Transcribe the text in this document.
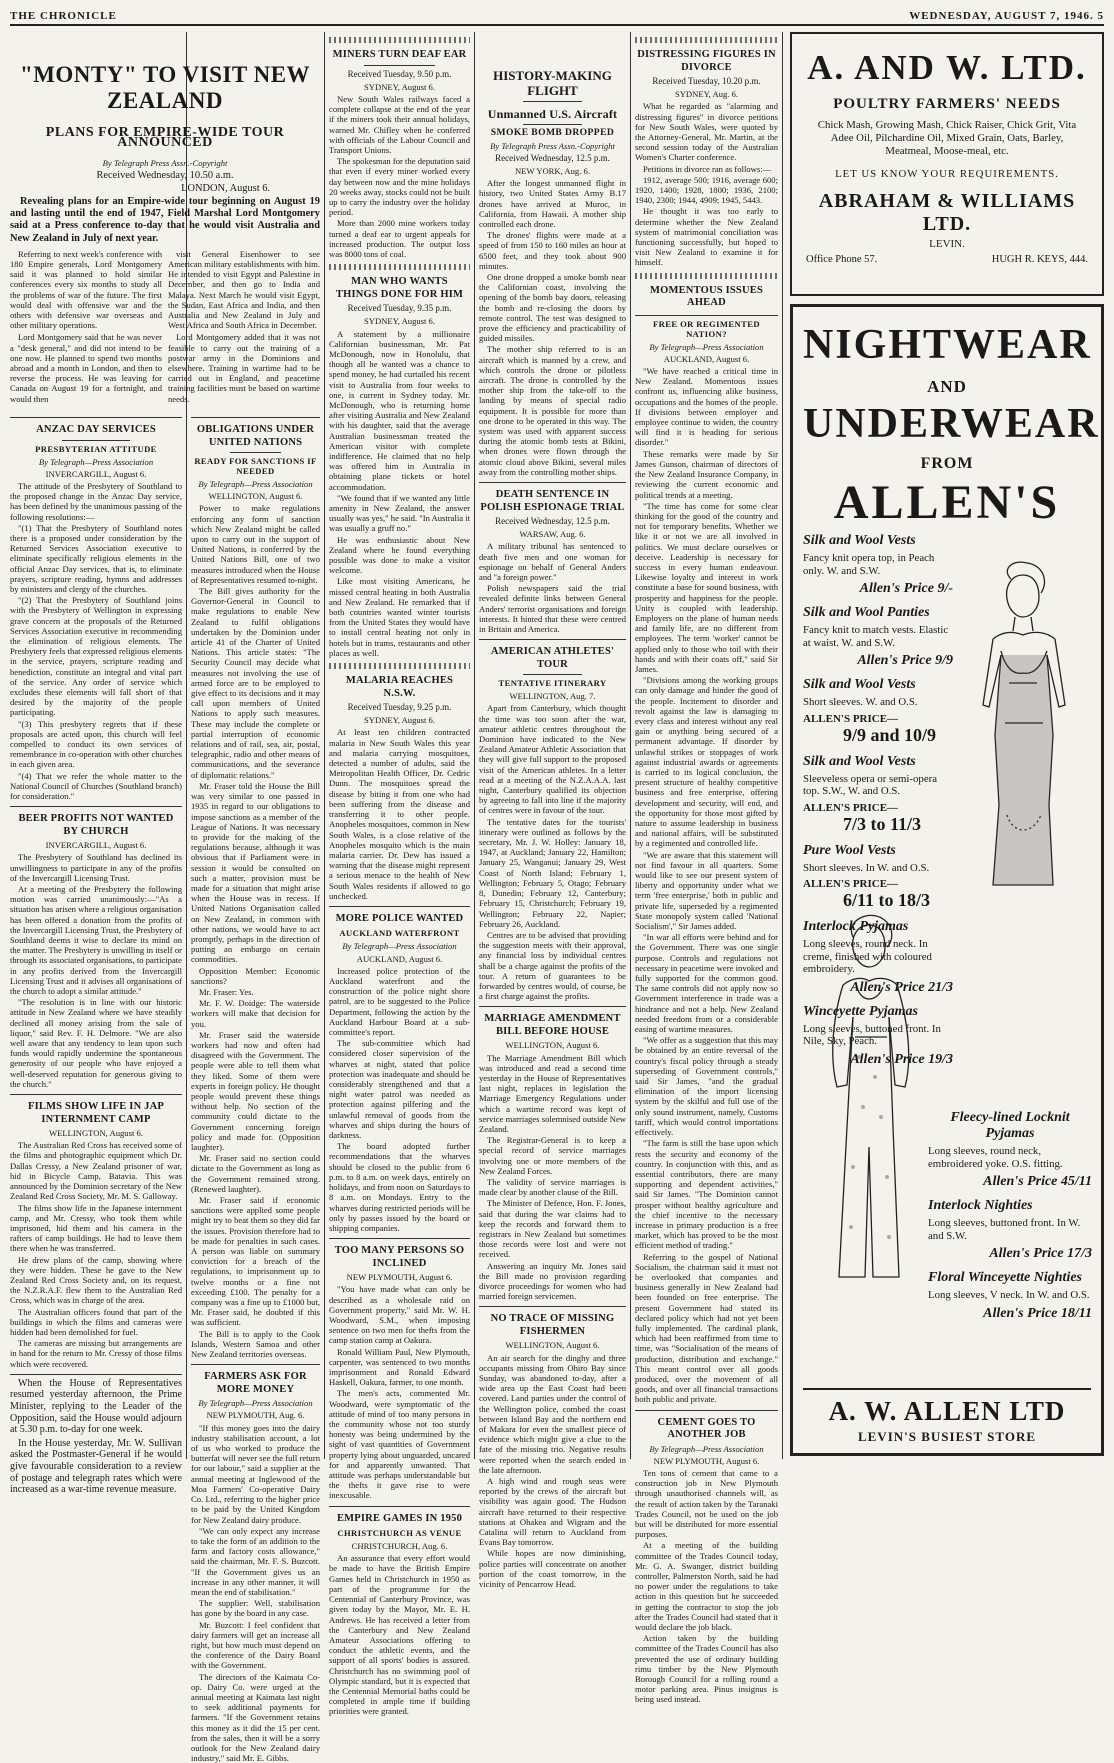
THE CHRONICLE	WEDNESDAY, AUGUST 7, 1946. 5
"MONTY" TO VISIT NEW ZEALAND
PLANS FOR EMPIRE-WIDE TOUR ANNOUNCED
By Telegraph Press Assn.-Copyright
Received Wednesday, 10.50 a.m.
LONDON, August 6.

Revealing plans for an Empire-wide tour beginning on August 19 and lasting until the end of 1947, Field Marshal Lord Montgomery said at a Press conference to-day that he would visit Australia and New Zealand in July of next year.

Referring to next week's conference with 180 Empire generals, Lord Montgomery said it was planned to hold similar conferences every six months to study all the problems of war of the future. The first would deal with offensive war and the others with defensive war overseas and other military operations.

Lord Montgomery said that he was never a "desk general," and did not intend to be one now. He planned to spend two months abroad and a month in London, and then to reverse the process. He was leaving for Canada on August 19 for a fortnight, and would then

visit General Eisenhower to see American military establishments with him. He intended to visit Egypt and Palestine in December, and then go to India and Malaya. Next March he would visit Egypt, the Sudan, East Africa and India, and then Australia and New Zealand in July and West Africa and South Africa in December.

Lord Montgomery added that it was not feasible to carry out the training of a postwar army in the Dominions and elsewhere. Training in wartime had to be carried out in England, and peacetime training facilities must be based on wartime needs.

ANZAC DAY SERVICES
PRESBYTERIAN ATTITUDE
By Telegraph—Press Association
INVERCARGILL, August 6.

The attitude of the Presbytery of Southland to the proposed change in the Anzac Day service, has been defined by the unanimous passing of the following resolutions:—

"(1) That the Presbytery of Southland notes there is a proposed under consideration by the Returned Services Association executive to eliminate specifically religious elements in the official Anzac Day services, that is, to eliminate prayers, scripture reading, hymns and addresses by ministers and clergy of the churches.

"(2) That the Presbytery of Southland joins with the Presbytery of Wellington in expressing grave concern at the proposals of the Returned Services Association executive in recommending the elimination of religious elements. The Presbytery feels that expressed religious elements in the service, prayers, scripture reading and benediction, constitute an integral and vital part of the service. Any order of service which excludes these elements will fall short of that desired by the majority of the people participating.

"(3) This presbytery regrets that if these proposals are acted upon, this church will feel compelled to conduct its own services of remembrance in co-operation with other churches in each given area.

"(4) That we refer the whole matter to the National Council of Churches (Southland branch) for consideration."

BEER PROFITS NOT WANTED BY CHURCH
INVERCARGILL, August 6.

The Presbytery of Southland has declined its unwillingness to participate in any of the profits of the Invercargill Licensing Trust.

At a meeting of the Presbytery the following motion was carried unanimously:—"As a situation has arisen where a religious organisation has been offered a donation from the profits of the Invercargill Licensing Trust, the Presbytery of Southland deems it wise to declare its mind on the matter. The Presbytery is unwilling in itself or through its associated organisations, to participate in any profits derived from the Invercargill Licensing Trust and it advises all organisations of the church to adopt a similar attitude."

"The resolution is in line with our historic attitude in New Zealand where we have steadily declined all money arising from the sale of liquor," said Rev. F. H. Delmore. "We are also well aware that any tendency to lean upon such funds would rapidly undermine the spontaneous generosity of our people who have enjoyed a well-deserved reputation for generous giving to the church."

FILMS SHOW LIFE IN JAP INTERNMENT CAMP
WELLINGTON, August 6.

The Australian Red Cross has received some of the films and photographic equipment which Dr. Dallas Cressy, a New Zealand prisoner of war, hid in Bicycle Camp, Batavia. This was announced by the Dominion secretary of the New Zealand Red Cross Society, Mr. M. S. Galloway.

The films show life in the Japanese internment camp, and Mr. Cressy, who took them while imprisoned, hid them and his camera in the rafters of camp buildings. He had to leave them there when he was transferred.

He drew plans of the camp, showing where they were hidden. These he gave to the New Zealand Red Cross Society and, on its request, the N.Z.R.A.F. flew them to the Australian Red Cross, which was in charge of the area.

The Australian officers found that part of the buildings in which the films and cameras were hidden had been demolished for fuel.

The cameras are missing but arrangements are in hand for the return to Mr. Cressy of those films which were recovered.

When the House of Representatives resumed yesterday afternoon, the Prime Minister, replying to the Leader of the Opposition, said the House would adjourn at 5.30 p.m. to-day for one week.

In the House yesterday, Mr. W. Sullivan asked the Postmaster-General if he would give favourable consideration to a review of postage and telegraph rates which were increased as a war-time revenue measure.

OBLIGATIONS UNDER UNITED NATIONS
READY FOR SANCTIONS IF NEEDED
By Telegraph—Press Association
WELLINGTON, August 6.

Power to make regulations enforcing any form of sanction which New Zealand might be called upon to carry out in the support of United Nations, is conferred by the United Nations Bill, one of two measures introduced when the House of Representatives resumed to-night.

The Bill gives authority for the Governor-General in Council to make regulations to enable New Zealand to fulfil obligations undertaken by the Dominion under article 41 of the Charter of United Nations. This article states: "The Security Council may decide what measures not involving the use of armed force are to be employed to give effect to its decisions and it may call upon members of United Nations to apply such measures. These may include the complete or partial interruption of economic relations and of rail, sea, air, postal, telegraphic, radio and other means of communications, and the severance of diplomatic relations."

Mr. Fraser told the House the Bill was very similar to one passed in 1935 in regard to our obligations to impose sanctions as a member of the League of Nations. It was necessary to provide for the making of the regulations because, although it was obvious that if Parliament were in session it would be consulted on such a matter, provision must be made for a situation that might arise when the House was in recess. If United Nations Organisation called on New Zealand, in common with other nations, we would have to act promptly, perhaps in the direction of putting an embargo on certain commodities.

Opposition Member: Economic sanctions?

Mr. Fraser: Yes.

Mr. F. W. Doidge: The waterside workers will make that decision for you.

Mr. Fraser said the waterside workers had now and often had disagreed with the Government. The people were able to tell them what they liked. Some of them were experts in foreign policy. He thought people would prevent these things without help. No section of the community could dictate to the Government concerning foreign policy and made for. (Opposition laughter).

Mr. Fraser said no section could dictate to the Government as long as the Government remained strong. (Renewed laughter).

Mr. Fraser said if economic sanctions were applied some people might try to beat them so they did far the issues. Provision therefore had to be made for penalties in such cases. A person was liable on summary conviction for a breach of the regulations, to imprisonment up to twelve months or a fine not exceeding £100. The penalty for a company was a fine up to £1000 but, Mr. Fraser said, he doubted if this was sufficient.

The Bill is to apply to the Cook Islands, Western Samoa and other New Zealand territories overseas.

FARMERS ASK FOR MORE MONEY
By Telegraph—Press Association
NEW PLYMOUTH, Aug. 6.

"If this money goes into the dairy industry stabilisation account, a lot of us who worked to produce the butterfat will never see the full return for our labour," said a supplier at the annual meeting at Inglewood of the Moa Farmers' Co-operative Dairy Co. Ltd., referring to the higher price to be paid by the United Kingdom for New Zealand dairy produce.

"We can only expect any increase to take the form of an addition to the farm and factory costs allowance," said the chairman, Mr. F. S. Buzcott. "If the Government gives us an increase in any other manner, it will mean the end of stabilisation."

The supplier: Well, stabilisation has gone by the board in any case.

Mr. Buzcott: I feel confident that dairy farmers will get an increase all right, but how much must depend on the conference of the Dairy Board with the Government.

The directors of the Kaimata Co-op. Dairy Co. were urged at the annual meeting at Kaimata last night to seek additional payments for farmers. "If the Government retains this money as it did the 15 per cent. from the sales, then it will be a sorry outlook for the New Zealand dairy industry," said Mr. E. Gibbs.

MINERS TURN DEAF EAR
Received Tuesday, 9.50 p.m.
SYDNEY, August 6.

New South Wales railways faced a complete collapse at the end of the year if the miners took their annual holidays, warned Mr. Chifley when he conferred with officials of the Labour Council and Transport Unions.

The spokesman for the deputation said that even if every miner worked every day between now and the mine holidays 20 weeks away, stocks could not be built up to carry the industry over the holiday period.

More than 2000 mine workers today turned a deaf ear to urgent appeals for increased production. The output loss was 8000 tons of coal.

MAN WHO WANTS THINGS DONE FOR HIM
Received Tuesday, 9.35 p.m.
SYDNEY, August 6.

A statement by a millionaire Californian businessman, Mr. Pat McDonough, now in Honolulu, that though all he wanted was a chance to spend money, he had curtailed his recent visit to Australia from four weeks to one, is current in Sydney today. Mr. McDonough, who is returning home after visiting Australia and New Zealand with his daughter, said that the average Australian businessman treated the American visitor with complete indifference. He claimed that no help was offered him in Australia in obtaining plane tickets or hotel accommodation.

"We found that if we wanted any little amenity in New Zealand, the answer usually was yes," he said. "In Australia it was usually a gruff no."

He was enthusiastic about New Zealand where he found everything possible was done to make a visitor welcome.

Like most visiting Americans, he missed central heating in both Australia and New Zealand. He remarked that if both countries wanted winter tourists from the United States they would have to install central heating not only in hotels but in trams, restaurants and other places as well.

MALARIA REACHES N.S.W.
Received Tuesday, 9.25 p.m.
SYDNEY, August 6.

At least ten children contracted malaria in New South Wales this year and malaria carrying mosquitoes, detected a number of adults, said the Metropolitan Health Officer, Dr. Cedric Dunn. The mosquitoes spread the disease by biting it from one who had been suffering from the disease and transferring it to other people. Anopheles mosquitoes, common in New South Wales, is a close relative of the Anopheles mosquito which is the main malaria carrier. Dr. Dew has issued a warning that the disease might represent a serious menace to the health of New South Wales residents if allowed to go unchecked.

MORE POLICE WANTED
AUCKLAND WATERFRONT
By Telegraph—Press Association
AUCKLAND, August 6.

Increased police protection of the Auckland waterfront and the construction of the police night shore patrol, are to be suggested to the Police Department, following the action by the Auckland Harbour Board at a sub-committee's report.

The sub-committee which had considered closer supervision of the wharves at night, stated that police protection was inadequate and should be considerably strengthened and that a night water patrol was needed as protection against pilfering and the unlawful removal of goods from the wharves and ships during the hours of darkness.

The board adopted further recommendations that the wharves should be closed to the public from 6 p.m. to 8 a.m. on week days, entirely on holidays, and from noon on Saturdays to 8 a.m. on Mondays. Entry to the wharves during restricted periods will be only by passes issued by the board or shipping companies.

TOO MANY PERSONS SO INCLINED
NEW PLYMOUTH, August 6.

"You have made what can only be described as a wholesale raid on Government property," said Mr. W. H. Woodward, S.M., when imposing sentence on two men for thefts from the camp station camp at Oakura.

Ronald William Paul, New Plymouth, carpenter, was sentenced to two months imprisonment and Ronald Edward Haskell, Oakura, farmer, to one month.

The men's acts, commented Mr. Woodward, were symptomatic of the attitude of mind of too many persons in the community whose not too sturdy honesty was being undermined by the sight of vast quantities of Government property lying about unguarded, uncared for and apparently unwanted. That attitude was perhaps understandable but the thefts it gave rise to were inexcusable.

EMPIRE GAMES IN 1950
CHRISTCHURCH AS VENUE
CHRISTCHURCH, Aug. 6.

An assurance that every effort would be made to have the British Empire Games held in Christchurch in 1950 as part of the programme for the Centennial of Canterbury Province, was given today by the Mayor, Mr. E. H. Andrews. He has received a letter from the Canterbury and New Zealand Amateur Associations offering to conduct the athletic events, and the support of all sports' bodies is assured. Christchurch has no swimming pool of Olympic standard, but it is expected that the Centennial Memorial baths could be completed in ample time if building priorities were granted.

HISTORY-MAKING FLIGHT
Unmanned U.S. Aircraft
SMOKE BOMB DROPPED
By Telegraph Press Assn.-Copyright
Received Wednesday, 12.5 p.m.
NEW YORK, Aug. 6.

After the longest unmanned flight in history, two United States Army B.17 drones have arrived at Muroc, in California, from Hawaii. A mother ship controlled each drone.

The drones' flights were made at a speed of from 150 to 160 miles an hour at 6500 feet, and they took about 900 minutes.

One drone dropped a smoke bomb near the Californian coast, involving the opening of the bomb bay doors, releasing the bomb and re-closing the doors by remote control. The test was designed to prove the efficiency and practicability of guided missiles.

The mother ship referred to is an aircraft which is manned by a crew, and which controls the drone or pilotless aircraft. The drone is controlled by the mother ship from the take-off to the landing by means of special radio equipment. It is possible for more than one drone to be operated in this way. The system was used with apparent success during the atomic bomb tests at Bikini, when drones were flown through the atomic cloud above Bikini, several miles away from the controlling mother ships.

DEATH SENTENCE IN POLISH ESPIONAGE TRIAL
Received Wednesday, 12.5 p.m.
WARSAW, Aug. 6.

A military tribunal has sentenced to death five men and one woman for espionage on behalf of General Anders and "a foreign power."

Polish newspapers said the trial revealed definite links between General Anders' terrorist organisations and foreign interests. It hinted that these were centred in Britain and America.

AMERICAN ATHLETES' TOUR
TENTATIVE ITINERARY
WELLINGTON, Aug. 7.

Apart from Canterbury, which thought the time was too soon after the war, amateur athletic centres throughout the Dominion have indicated to the New Zealand Amateur Athletic Association that they will give full support to the proposed visit of the American athletes. In a letter read at a meeting of the N.Z.A.A.A. last night, Canterbury qualified its objection by agreeing to fall into line if the majority of centres were in favour of the tour.

The tentative dates for the tourists' itinerary were outlined as follows by the secretary, Mr. J. W. Holley: January 18, 1947, at Auckland; January 22, Hamilton; January 25, Wanganui; January 29, West Coast of North Island; February 1, Wellington; February 5, Otago; February 8, Dunedin; February 12, Canterbury; February 15, Christchurch; February 19, Wellington; February 22, Napier; February 26, Auckland.

Centres are to be advised that providing the suggestion meets with their approval, any financial loss by individual centres shall be a charge against the profits of the tour. A return of guarantees to be forwarded by centres would, of course, be a first charge against the profits.

MARRIAGE AMENDMENT BILL BEFORE HOUSE
WELLINGTON, August 6.

The Marriage Amendment Bill which was introduced and read a second time yesterday in the House of Representatives last night, replaces in legislation the Marriage Emergency Regulations under which a wartime record was kept of service marriages solemnised outside New Zealand.

The Registrar-General is to keep a special record of service marriages involving one or more members of the New Zealand Forces.

The validity of service marriages is made clear by another clause of the Bill.

The Minister of Defence, Hon. F. Jones, said that during the war claims had to keep the records and forward them to registrars in New Zealand but sometimes those records were lost and were not received.

Answering an inquiry Mr. Jones said the Bill made no provision regarding divorce proceedings for women who had married foreign servicemen.

NO TRACE OF MISSING FISHERMEN
WELLINGTON, August 6.

An air search for the dinghy and three occupants missing from Ohiro Bay since Sunday, was abandoned to-day, after a wide area up the East Coast had been covered. Land parties under the control of the Wellington police, combed the coast between Island Bay and the northern end of Makara for even the smallest piece of evidence which might give a clue to the fate of the missing trio. Negative results were reported when the search ended in the late afternoon.

A high wind and rough seas were reported by the crews of the aircraft but visibility was again good. The Hudson aircraft have returned to their respective stations at Ohakea and Wigram and the Catalina will return to Auckland from Evans Bay tomorrow.

While hopes are now diminishing, police parties will concentrate on another portion of the coast tomorrow, in the vicinity of Pencarrow Head.

DISTRESSING FIGURES IN DIVORCE
Received Tuesday, 10.20 p.m.
SYDNEY, Aug. 6.

What he regarded as "alarming and distressing figures" in divorce petitions for New South Wales, were quoted by the Attorney-General, Mr. Martin, at the second session today of the Australian Women's Charter conference.

Petitions in divorce ran as follows:—

1912, average 500; 1916, average 600; 1920, 1400; 1928, 1800; 1936, 2100; 1940, 2300; 1944, 4909; 1945, 5443.

He thought it was too early to determine whether the New Zealand system of matrimonial conciliation was functioning successfully, but hoped to visit New Zealand to examine it for himself.

MOMENTOUS ISSUES AHEAD
FREE OR REGIMENTED NATION?
By Telegraph—Press Association
AUCKLAND, August 6.

"We have reached a critical time in New Zealand. Momentous issues confront us, influencing alike business, occupations and the homes of the people. If divisions between employer and employee continue to widen, the country will find it is heading for serious disorder."

These remarks were made by Sir James Gunson, chairman of directors of the New Zealand Insurance Company, in reviewing the current economic and political trends at a meeting.

"The time has come for some clear thinking for the good of the country and not for temporary benefits. Whether we like it or not we are all involved in politics. We must declare ourselves or deceive. Leadership is necessary for success in every human endeavour. Likewise loyalty and interest in work constitute a base for sound business, with prosperity and happiness for the people. Unity is coupled with leadership. Employers on the plane of human needs and family life, are no different from employees. The term 'worker' cannot be applied only to those who toil with their hands and with their coats off," said Sir James.

"Divisions among the working groups can only damage and hinder the good of the people. Incitement to disorder and revolt against the law is damaging to every class and interest without any real gain or anything being secured of a permanent advantage. If disorder by unlawful strikes or stoppages of work against industrial awards or agreements is carried to its logical conclusion, the present structure of healthy competitive business and free enterprise, offering development and security, will end, and the opportunity for those most gifted by nature to assume leadership in business and national affairs, will be substituted by a regimented and controlled life.

"We are aware that this statement will not find favour in all quarters. Some would like to see our present system of liberty and opportunity under what we term 'free enterprise,' both in public and private life, superseded by a regimented State monopoly system called 'National Socialism'," Sir James added.

"In war all efforts were behind and for the Government. There was one single purpose. Controls and regulations not necessary in peacetime were invoked and fully supported for the common good. The same controls did not apply now so Government interference in trade was a hindrance and not a help. New Zealand needed freedom from or a considerable easing of wartime measures.

"We offer as a suggestion that this may be obtained by an entire reversal of the country's fiscal policy through a steady superseding of Government controls," said Sir James, "and the gradual elimination of the import licensing system by the skilful and full use of the only sound instrument, namely, Customs tariff, which would control importations effectively.

"The farm is still the base upon which rests the security and economy of the country. In conjunction with this, and as essential contributors, there are many supporting and dependent activities," said Sir James. "The Dominion cannot prosper without healthy agriculture and the chief incentive to the necessary increase in primary production is a free market, which has proved to be the most efficient method of trading."

Referring to the gospel of National Socialism, the chairman said it must not be overlooked that companies and business generally in New Zealand had been founded on free enterprise. The present Government had stated its declared policy which had not yet been fully implemented. The cardinal plank, which had been reaffirmed from time to time, was "Socialisation of the means of production, distribution and exchange." This meant control over all goods produced, over the movement of all goods, and over all financial transactions both public and private.

CEMENT GOES TO ANOTHER JOB
By Telegraph—Press Association
NEW PLYMOUTH, August 6.

Ten tons of cement that came to a construction job in New Plymouth through unauthorised channels will, as the result of action taken by the Taranaki Trades Council, not be used on the job but will be distributed for more essential purposes.

At a meeting of the building committee of the Trades Council today, Mr. G. A. Swanger, district building controller, Palmerston North, said he had no power under the regulations to take action in this question but he succeeded in getting the contractor to stop the job after the Trades Council had stated that it would declare the job black.

Action taken by the building committee of the Trades Council has also prevented the use of ordinary building rimu timber by the New Plymouth Borough Council for a rolling round a motor parking area. Pinus insignus is being used instead.

A. AND W. LTD.
POULTRY FARMERS' NEEDS
Chick Mash, Growing Mash, Chick Raiser, Chick Grit, Vita Adee Oil, Pilchardine Oil, Mixed Grain, Oats, Barley, Meatmeal, Moose-meal, etc.
LET US KNOW YOUR REQUIREMENTS.
ABRAHAM & WILLIAMS LTD.
LEVIN.
Office Phone 57.	HUGH R. KEYS, 444.
NIGHTWEAR
AND
UNDERWEAR
FROM
ALLEN'S
Silk and Wool Vests
Fancy knit opera top, in Peach only. W. and S.W.
Allen's Price 9/-
Silk and Wool Panties
Fancy knit to match vests. Elastic at waist. W. and S.W.
Allen's Price 9/9
Silk and Wool Vests
Short sleeves. W. and O.S.
ALLEN'S PRICE—
9/9 and 10/9
Silk and Wool Vests
Sleeveless opera or semi-opera top. S.W., W. and O.S.
ALLEN'S PRICE—
7/3 to 11/3
Pure Wool Vests
Short sleeves. In W. and O.S.
ALLEN'S PRICE—
6/11 to 18/3
Interlock Pyjamas
Long sleeves, round neck. In creme, finished with coloured embroidery.
Allen's Price 21/3
Winceyette Pyjamas
Long sleeves, buttoned front. In Nile, Sky, Peach.
Allen's Price 19/3
Fleecy-lined Locknit Pyjamas
Long sleeves, round neck, embroidered yoke. O.S. fitting.
Allen's Price 45/11
Interlock Nighties
Long sleeves, buttoned front. In W. and S.W.
Allen's Price 17/3
Floral Winceyette Nighties
Long sleeves, V neck. In W. and O.S.
Allen's Price 18/11
A. W. ALLEN LTD
LEVIN'S BUSIEST STORE
